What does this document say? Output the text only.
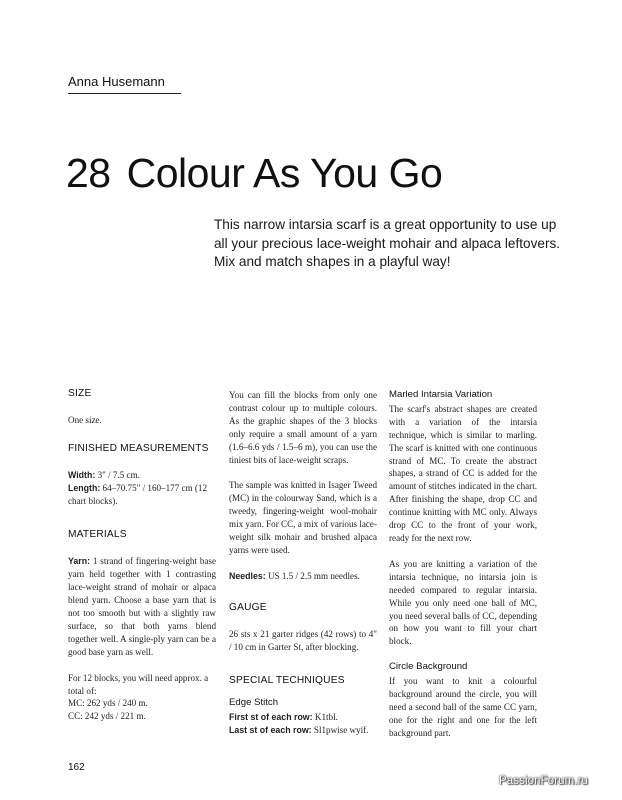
Anna Husemann
28 Colour As You Go

This narrow intarsia scarf is a great opportunity to use up all your precious lace-weight mohair and alpaca leftovers. Mix and match shapes in a playful way!

SIZE

One size.

FINISHED MEASUREMENTS

Width: 3" / 7.5 cm.

Length: 64–70.75" / 160–177 cm (12 chart blocks).

MATERIALS

Yarn: 1 strand of fingering-weight base yarn held together with 1 contrasting lace-weight strand of mohair or alpaca blend yarn. Choose a base yarn that is not too smooth but with a slightly raw surface, so that both yarns blend together well. A single-ply yarn can be a good base yarn as well.

For 12 blocks, you will need approx. a total of:

MC: 262 yds / 240 m.

CC: 242 yds / 221 m.

You can fill the blocks from only one contrast colour up to multiple colours. As the graphic shapes of the 3 blocks only require a small amount of a yarn (1.6–6.6 yds / 1.5–6 m), you can use the tiniest bits of lace-weight scraps.

The sample was knitted in Isager Tweed (MC) in the colourway Sand, which is a tweedy, fingering-weight wool-mohair mix yarn. For CC, a mix of various lace-weight silk mohair and brushed alpaca yarns were used.

Needles: US 1.5 / 2.5 mm needles.

GAUGE

26 sts x 21 garter ridges (42 rows) to 4" / 10 cm in Garter St, after blocking.

SPECIAL TECHNIQUES
Edge Stitch

First st of each row: K1tbl.

Last st of each row: Sl1pwise wyif.

Marled Intarsia Variation

The scarf's abstract shapes are created with a variation of the intarsia technique, which is similar to marling. The scarf is knitted with one continuous strand of MC. To create the abstract shapes, a strand of CC is added for the amount of stitches indicated in the chart. After finishing the shape, drop CC and continue knitting with MC only. Always drop CC to the front of your work, ready for the next row.

As you are knitting a variation of the intarsia technique, no intarsia join is needed compared to regular intarsia. While you only need one ball of MC, you need several balls of CC, depending on how you want to fill your chart block.

Circle Background

If you want to knit a colourful background around the circle, you will need a second ball of the same CC yarn, one for the right and one for the left background part.

162
PassionForum.ru
